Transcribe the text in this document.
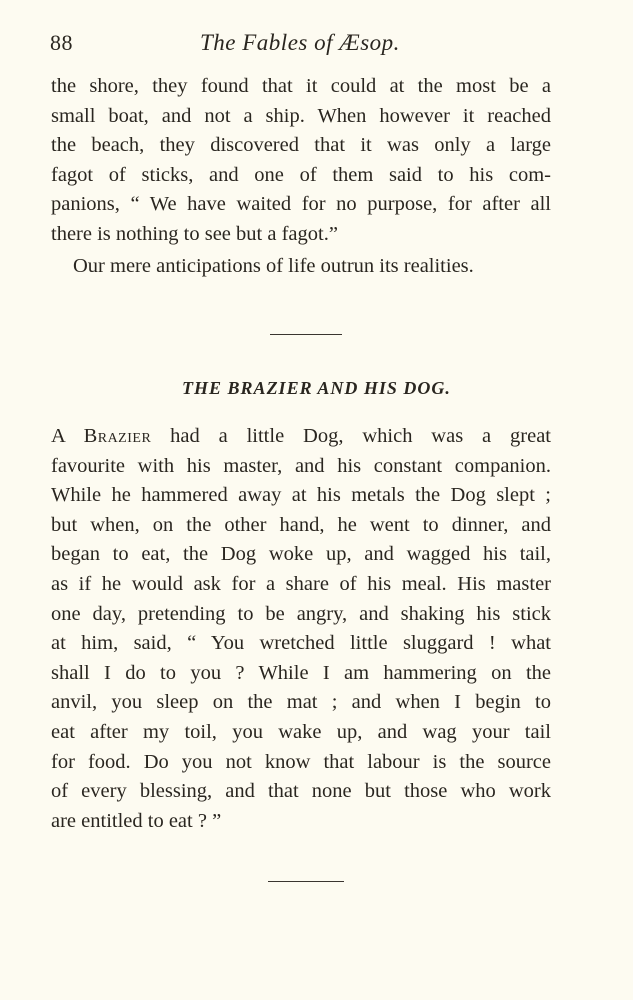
88	The Fables of Æsop.

the shore, they found that it could at the most be a

small boat, and not a ship. When however it reached

the beach, they discovered that it was only a large

fagot of sticks, and one of them said to his com-

panions, “ We have waited for no purpose, for after all

there is nothing to see but a fagot.”

Our mere anticipations of life outrun its realities.

THE BRAZIER AND HIS DOG.

A Brazier had a little Dog, which was a great

favourite with his master, and his constant companion.

While he hammered away at his metals the Dog slept ;

but when, on the other hand, he went to dinner, and

began to eat, the Dog woke up, and wagged his tail,

as if he would ask for a share of his meal. His master

one day, pretending to be angry, and shaking his stick

at him, said, “ You wretched little sluggard ! what

shall I do to you ? While I am hammering on the

anvil, you sleep on the mat ; and when I begin to

eat after my toil, you wake up, and wag your tail

for food. Do you not know that labour is the source

of every blessing, and that none but those who work

are entitled to eat ? ”
